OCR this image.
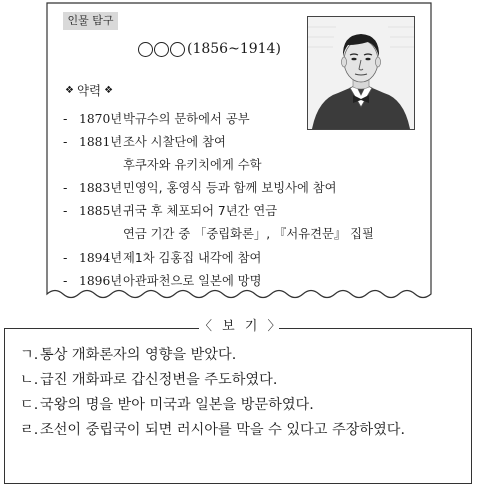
인물 탐구
(1856~1914)
❖ 약력 ❖
- 1870년 박규수의 문하에서 공부
- 1881년 조사 시찰단에 참여
후쿠자와 유키치에게 수학
- 1883년 민영익, 홍영식 등과 함께 보빙사에 참여
- 1885년 귀국 후 체포되어 7년간 연금
연금 기간 중 「중립화론」, 『서유견문』 집필
- 1894년 제1차 김홍집 내각에 참여
- 1896년 아관파천으로 일본에 망명
〈 보 기 〉
ㄱ. 통상 개화론자의 영향을 받았다.
ㄴ. 급진 개화파로 갑신정변을 주도하였다.
ㄷ. 국왕의 명을 받아 미국과 일본을 방문하였다.
ㄹ. 조선이 중립국이 되면 러시아를 막을 수 있다고 주장하였다.
